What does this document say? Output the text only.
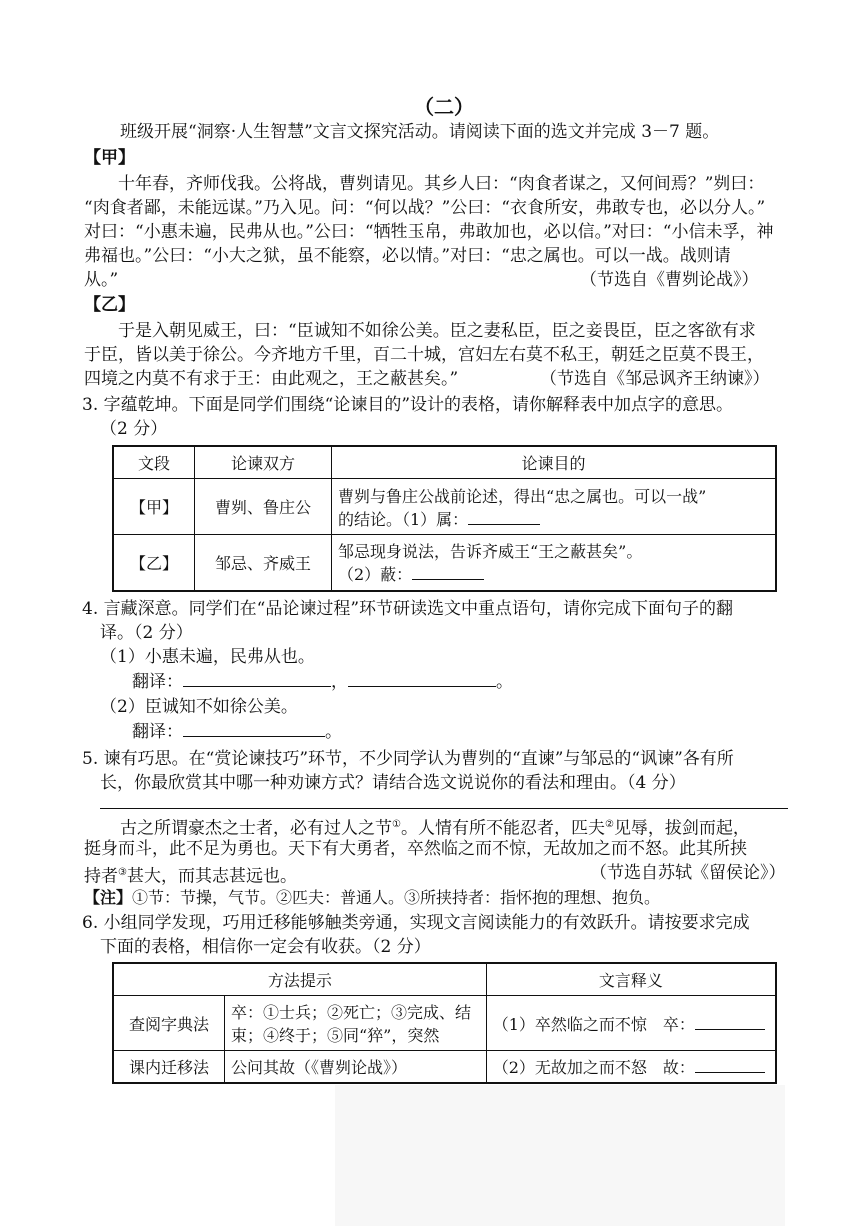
（二）
班级开展“洞察·人生智慧”文言文探究活动。请阅读下面的选文并完成 3－7 题。
【甲】
十年春，齐师伐我。公将战，曹刿请见。其乡人曰：“肉食者谋之，又何间焉？”刿曰：
“肉食者鄙，未能远谋。”乃入见。问：“何以战？”公曰：“衣食所安，弗敢专也，必以分人。”
对曰：“小惠未遍，民弗从也。”公曰：“牺牲玉帛，弗敢加也，必以信。”对曰：“小信未孚，神
弗福也。”公曰：“小大之狱，虽不能察，必以情。”对曰：“忠之属也。可以一战。战则请
从。”	（节选自《曹刿论战》）
【乙】
于是入朝见威王，曰：“臣诚知不如徐公美。臣之妻私臣，臣之妾畏臣，臣之客欲有求
于臣，皆以美于徐公。今齐地方千里，百二十城，宫妇左右莫不私王，朝廷之臣莫不畏王，
四境之内莫不有求于王：由此观之，王之蔽甚矣。”	（节选自《邹忌讽齐王纳谏》）
3. 字蕴乾坤。下面是同学们围绕“论谏目的”设计的表格，请你解释表中加点字的意思。
（2 分）
文段	论谏双方	论谏目的
【甲】	曹刿、鲁庄公	曹刿与鲁庄公战前论述，得出“忠之属也。可以一战”
的结论。（1）属：

【乙】	邹忌、齐威王	邹忌现身说法，告诉齐威王“王之蔽甚矣”。
（2）蔽：
4. 言藏深意。同学们在“品论谏过程”环节研读选文中重点语句，请你完成下面句子的翻
译。（2 分）
（1）小惠未遍，民弗从也。
翻译：	，	。
（2）臣诚知不如徐公美。
翻译：	。
5. 谏有巧思。在“赏论谏技巧”环节，不少同学认为曹刿的“直谏”与邹忌的“讽谏”各有所
长，你最欣赏其中哪一种劝谏方式？请结合选文说说你的看法和理由。（4 分）
古之所谓豪杰之士者，必有过人之节①。人情有所不能忍者，匹夫②见辱，拔剑而起，
挺身而斗，此不足为勇也。天下有大勇者，卒然临之而不惊，无故加之而不怒。此其所挟
持者③甚大，而其志甚远也。	（节选自苏轼《留侯论》）
【注】①节：节操，气节。②匹夫：普通人。③所挟持者：指怀抱的理想、抱负。
6. 小组同学发现，巧用迁移能够触类旁通，实现文言阅读能力的有效跃升。请按要求完成
下面的表格，相信你一定会有收获。（2 分）
方法提示		文言释义
查阅字典法	卒：①士兵；②死亡；③完成、结
束；④终于；⑤同“猝”，突然	（1）卒然临之而不惊　卒：
课内迁移法	公问其故（《曹刿论战》）	（2）无故加之而不怒　故：
